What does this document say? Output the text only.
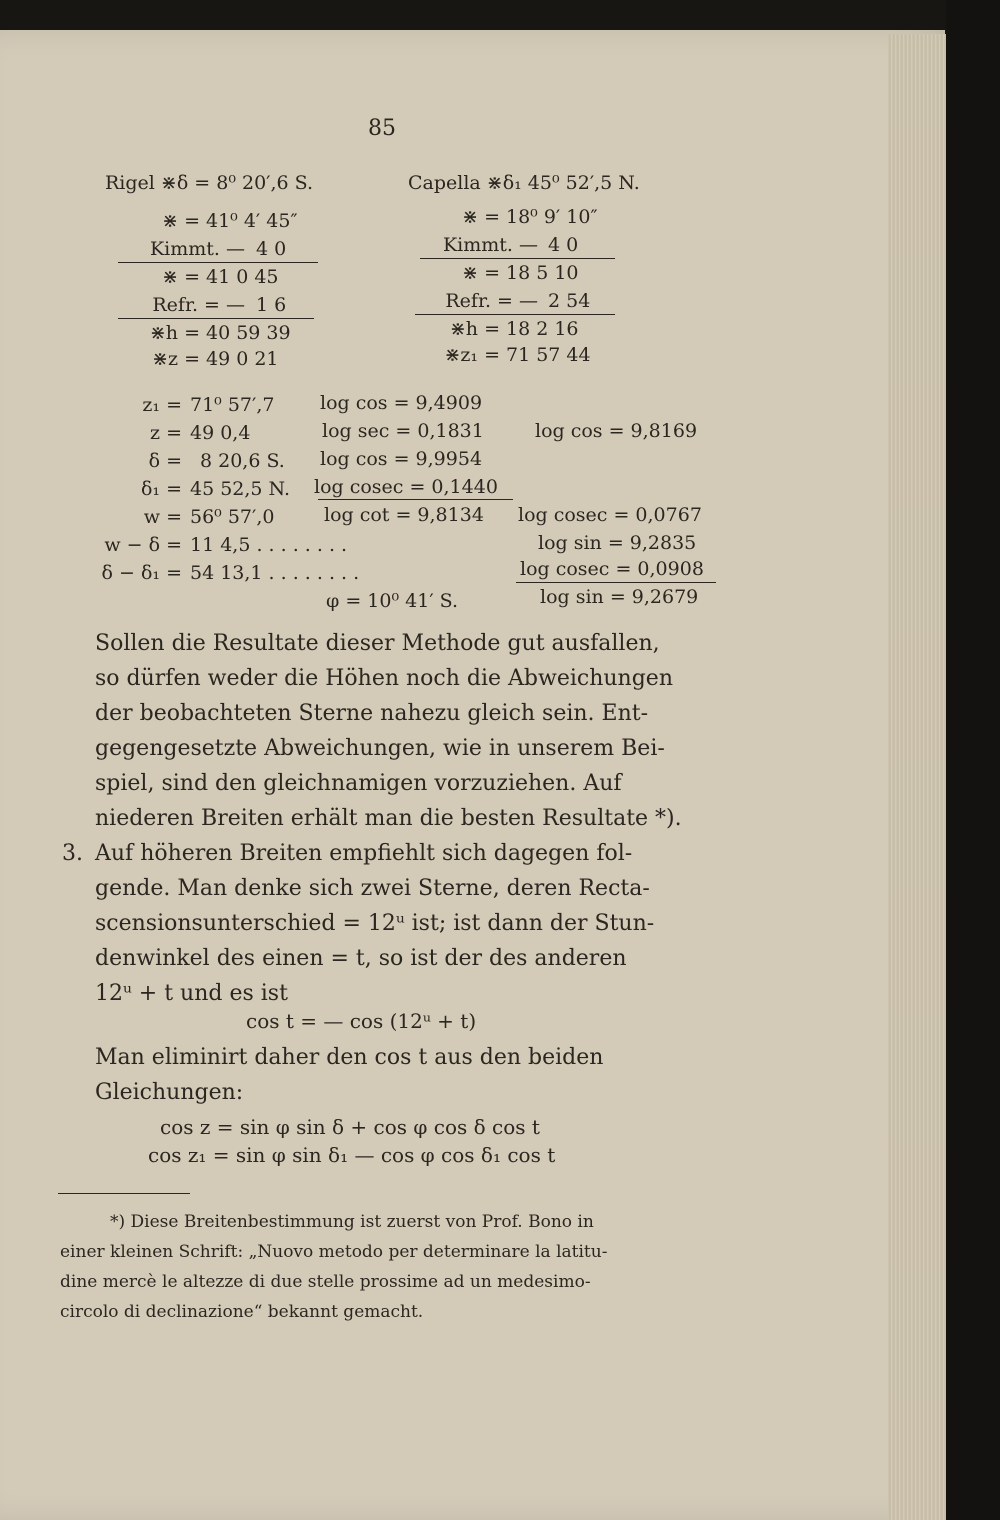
85
Rigel ⋇δ = 8⁰ 20′,6 S.
⋇ = 41⁰ 4′ 45″
Kimmt. — 4 0
⋇ = 41 0 45
Refr. = — 1 6
⋇h = 40 59 39
⋇z = 49 0 21
Capella ⋇δ₁ 45⁰ 52′,5 N.
⋇ = 18⁰ 9′ 10″
Kimmt. — 4 0
⋇ = 18 5 10
Refr. = — 2 54
⋇h = 18 2 16
⋇z₁ = 71 57 44
z₁ = 71⁰ 57′,7
z = 49 0,4
δ = 8 20,6 S.
δ₁ = 45 52,5 N.
w = 56⁰ 57′,0
w − δ = 11 4,5 . . . . . . . .
δ − δ₁ = 54 13,1 . . . . . . . .
log cos = 9,4909
log sec = 0,1831
log cos = 9,9954
log cosec = 0,1440
log cot = 9,8134
φ = 10⁰ 41′ S.
log cos = 9,8169
log cosec = 0,0767
log sin = 9,2835
log cosec = 0,0908
log sin = 9,2679
Sollen die Resultate dieser Methode gut ausfallen,
so dürfen weder die Höhen noch die Abweichungen
der beobachteten Sterne nahezu gleich sein. Ent-
gegengesetzte Abweichungen, wie in unserem Bei-
spiel, sind den gleichnamigen vorzuziehen. Auf
niederen Breiten erhält man die besten Resultate *).
3. Auf höheren Breiten empfiehlt sich dagegen fol-
gende. Man denke sich zwei Sterne, deren Recta-
scensionsunterschied = 12ᵘ ist; ist dann der Stun-
denwinkel des einen = t, so ist der des anderen
12ᵘ + t und es ist
cos t = — cos (12ᵘ + t)
Man eliminirt daher den cos t aus den beiden
Gleichungen:
cos z = sin φ sin δ + cos φ cos δ cos t
cos z₁ = sin φ sin δ₁ — cos φ cos δ₁ cos t
*) Diese Breitenbestimmung ist zuerst von Prof. Bono in
einer kleinen Schrift: „Nuovo metodo per determinare la latitu-
dine mercè le altezze di due stelle prossime ad un medesimo-
circolo di declinazione“ bekannt gemacht.
